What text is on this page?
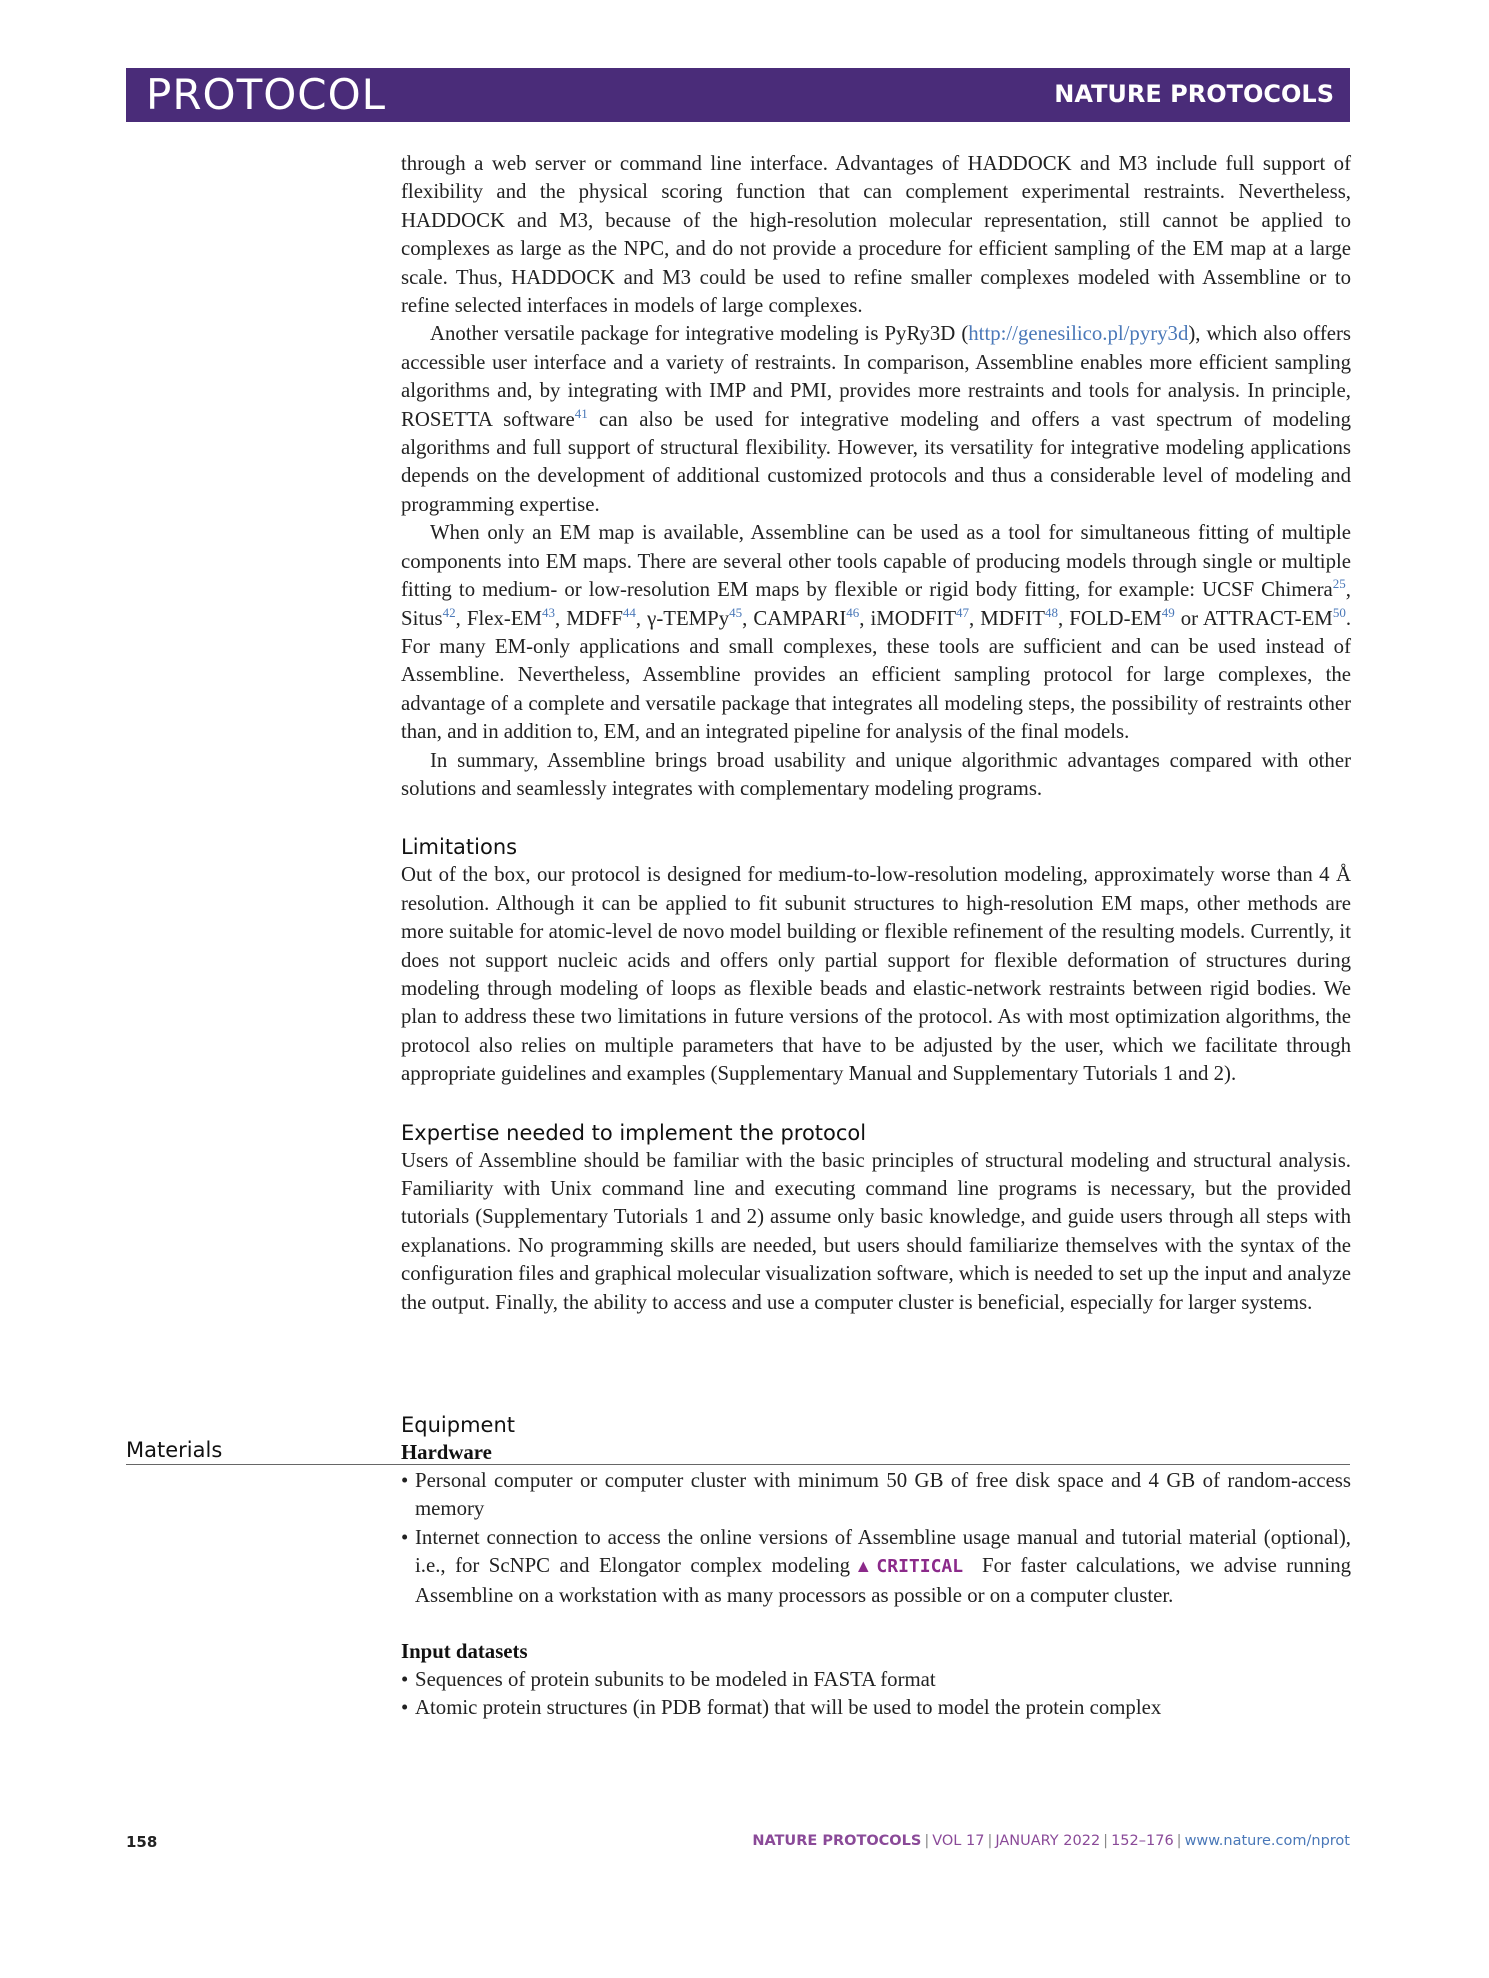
PROTOCOL	NATURE PROTOCOLS

through a web server or command line interface. Advantages of HADDOCK and M3 include full support of flexibility and the physical scoring function that can complement experimental restraints. Nevertheless, HADDOCK and M3, because of the high-resolution molecular representation, still cannot be applied to complexes as large as the NPC, and do not provide a procedure for efficient sampling of the EM map at a large scale. Thus, HADDOCK and M3 could be used to refine smaller complexes modeled with Assembline or to refine selected interfaces in models of large complexes.

Another versatile package for integrative modeling is PyRy3D (http://genesilico.pl/pyry3d), which also offers accessible user interface and a variety of restraints. In comparison, Assembline enables more efficient sampling algorithms and, by integrating with IMP and PMI, provides more restraints and tools for analysis. In principle, ROSETTA software$^{41}$ can also be used for integrative modeling and offers a vast spectrum of modeling algorithms and full support of structural flexibility. However, its versatility for integrative modeling applications depends on the development of additional customized protocols and thus a considerable level of modeling and programming expertise.

When only an EM map is available, Assembline can be used as a tool for simultaneous fitting of multiple components into EM maps. There are several other tools capable of producing models through single or multiple fitting to medium- or low-resolution EM maps by flexible or rigid body fitting, for example: UCSF Chimera$^{25}$, Situs$^{42}$, Flex-EM$^{43}$, MDFF$^{44}$, γ-TEMPy$^{45}$, CAMPARI$^{46}$, iMODFIT$^{47}$, MDFIT$^{48}$, FOLD-EM$^{49}$ or ATTRACT-EM$^{50}$. For many EM-only applications and small complexes, these tools are sufficient and can be used instead of Assembline. Nevertheless, Assembline provides an efficient sampling protocol for large complexes, the advantage of a complete and versatile package that integrates all modeling steps, the possibility of restraints other than, and in addition to, EM, and an integrated pipeline for analysis of the final models.

In summary, Assembline brings broad usability and unique algorithmic advantages compared with other solutions and seamlessly integrates with complementary modeling programs.

Limitations

Out of the box, our protocol is designed for medium-to-low-resolution modeling, approximately worse than 4 Å resolution. Although it can be applied to fit subunit structures to high-resolution EM maps, other methods are more suitable for atomic-level de novo model building or flexible refinement of the resulting models. Currently, it does not support nucleic acids and offers only partial support for flexible deformation of structures during modeling through modeling of loops as flexible beads and elastic-network restraints between rigid bodies. We plan to address these two limitations in future versions of the protocol. As with most optimization algorithms, the protocol also relies on multiple parameters that have to be adjusted by the user, which we facilitate through appropriate guidelines and examples (Supplementary Manual and Supplementary Tutorials 1 and 2).

Expertise needed to implement the protocol

Users of Assembline should be familiar with the basic principles of structural modeling and structural analysis. Familiarity with Unix command line and executing command line programs is necessary, but the provided tutorials (Supplementary Tutorials 1 and 2) assume only basic knowledge, and guide users through all steps with explanations. No programming skills are needed, but users should familiarize themselves with the syntax of the configuration files and graphical molecular visualization software, which is needed to set up the input and analyze the output. Finally, the ability to access and use a computer cluster is beneficial, especially for larger systems.

Equipment
Hardware
• Personal computer or computer cluster with minimum 50 GB of free disk space and 4 GB of random-access memory
• Internet connection to access the online versions of Assembline usage manual and tutorial material (optional), i.e., for ScNPC and Elongator complex modeling▲CRITICAL For faster calculations, we advise running Assembline on a workstation with as many processors as possible or on a computer cluster.
Input datasets
• Sequences of protein subunits to be modeled in FASTA format
• Atomic protein structures (in PDB format) that will be used to model the protein complex
Materials
158	NATURE PROTOCOLS | VOL 17 | JANUARY 2022 | 152–176 | www.nature.com/nprot
